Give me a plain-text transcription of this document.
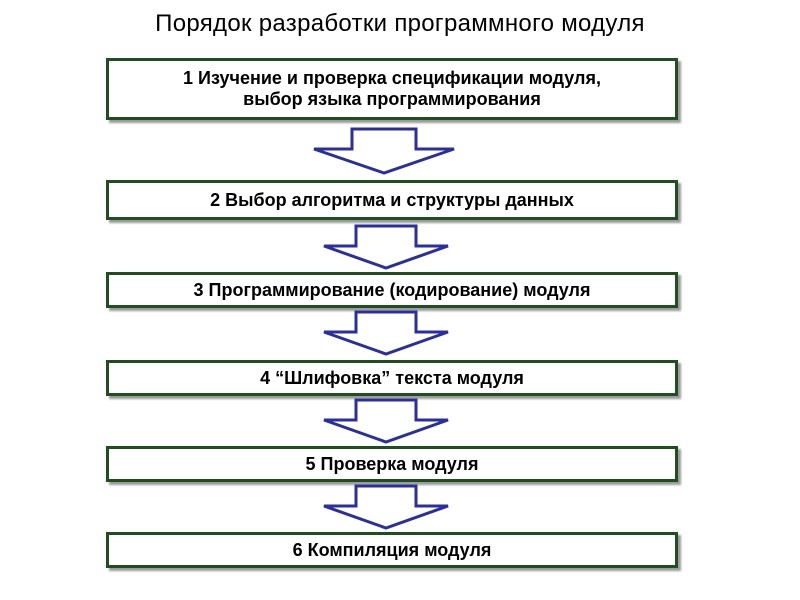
Порядок разработки программного модуля
1 Изучение и проверка спецификации модуля, выбор языка программирования
2 Выбор алгоритма и структуры данных
3 Программирование (кодирование) модуля
4 “Шлифовка” текста модуля
5 Проверка модуля
6 Компиляция модуля
